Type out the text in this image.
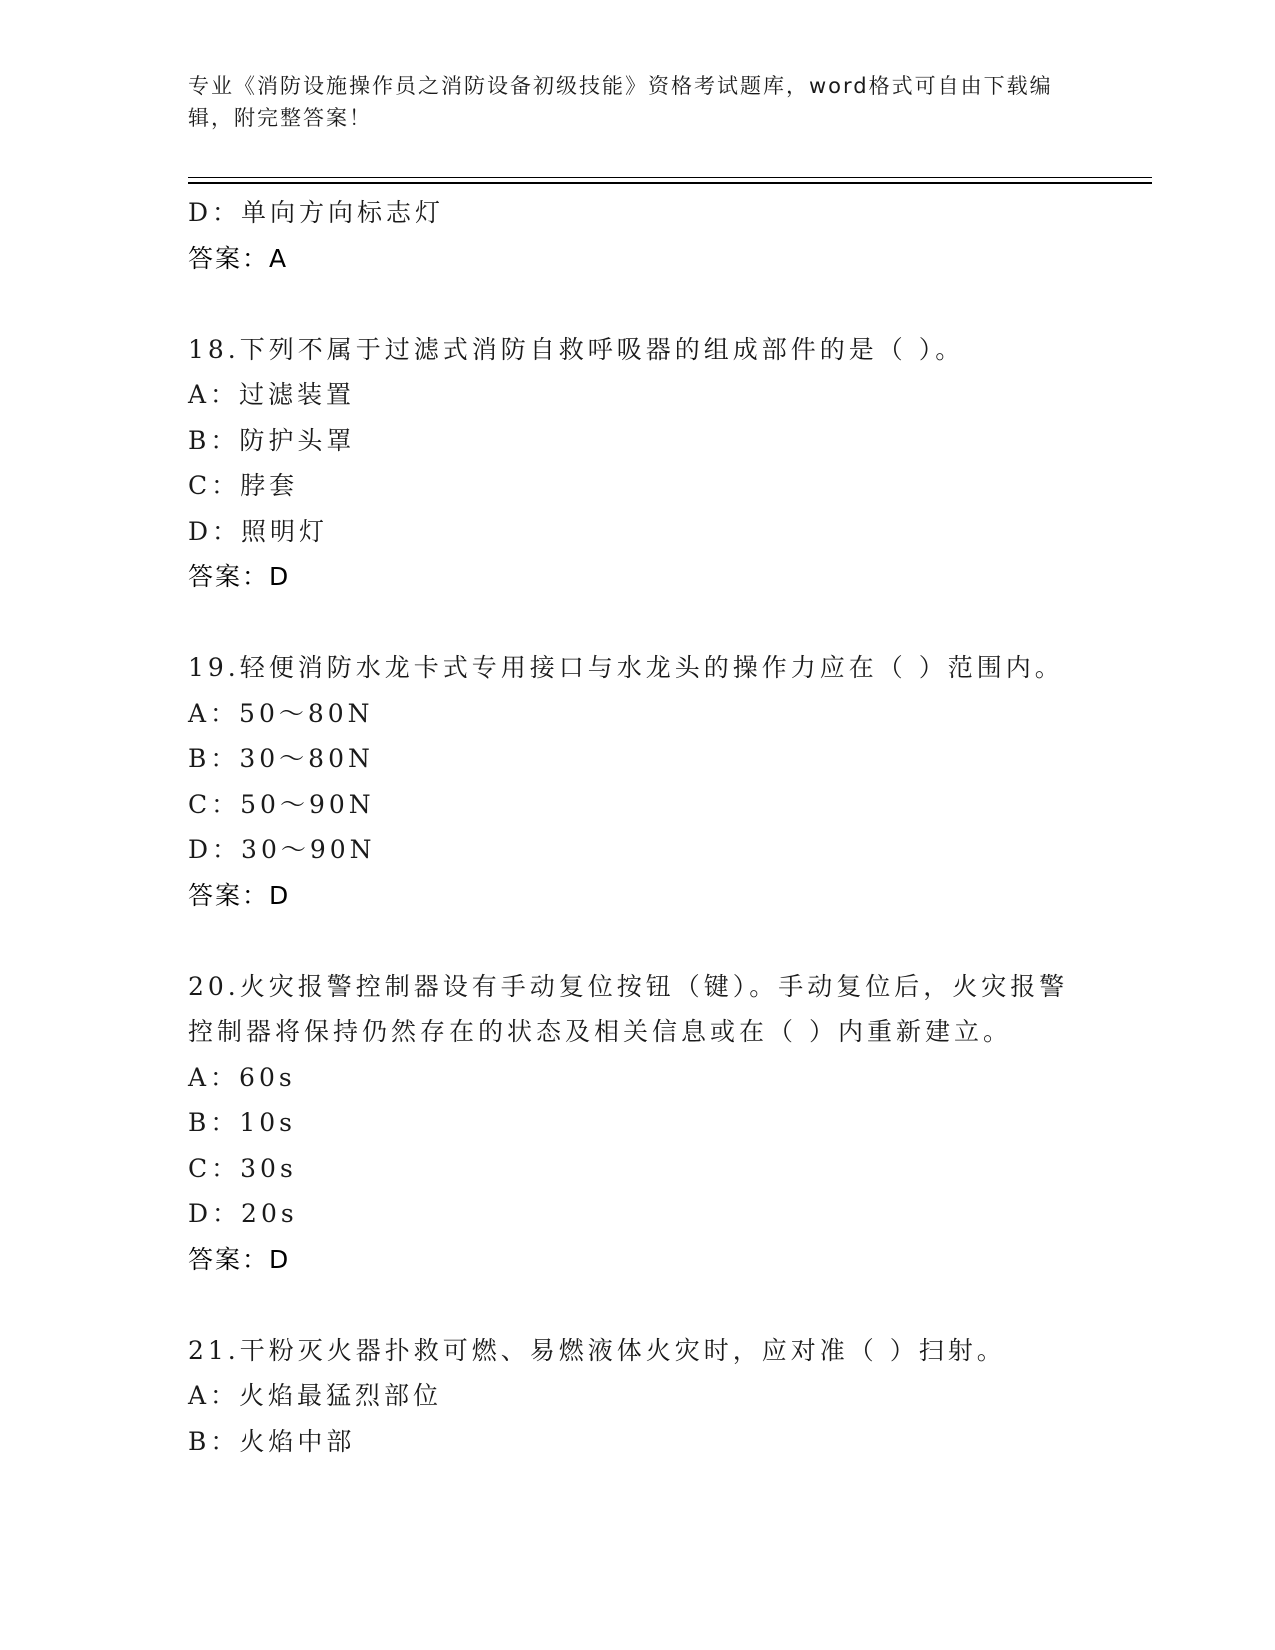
专业《消防设施操作员之消防设备初级技能》资格考试题库，word格式可自由下载编辑，附完整答案！
D：单向方向标志灯
答案：A
18.下列不属于过滤式消防自救呼吸器的组成部件的是（ ）。
A：过滤装置
B：防护头罩
C：脖套
D：照明灯
答案：D
19.轻便消防水龙卡式专用接口与水龙头的操作力应在（ ）范围内。
A：50～80N
B：30～80N
C：50～90N
D：30～90N
答案：D
20.火灾报警控制器设有手动复位按钮（键）。手动复位后，火灾报警控制器将保持仍然存在的状态及相关信息或在（ ）内重新建立。
A：60s
B：10s
C：30s
D：20s
答案：D
21.干粉灭火器扑救可燃、易燃液体火灾时，应对准（ ）扫射。
A：火焰最猛烈部位
B：火焰中部
